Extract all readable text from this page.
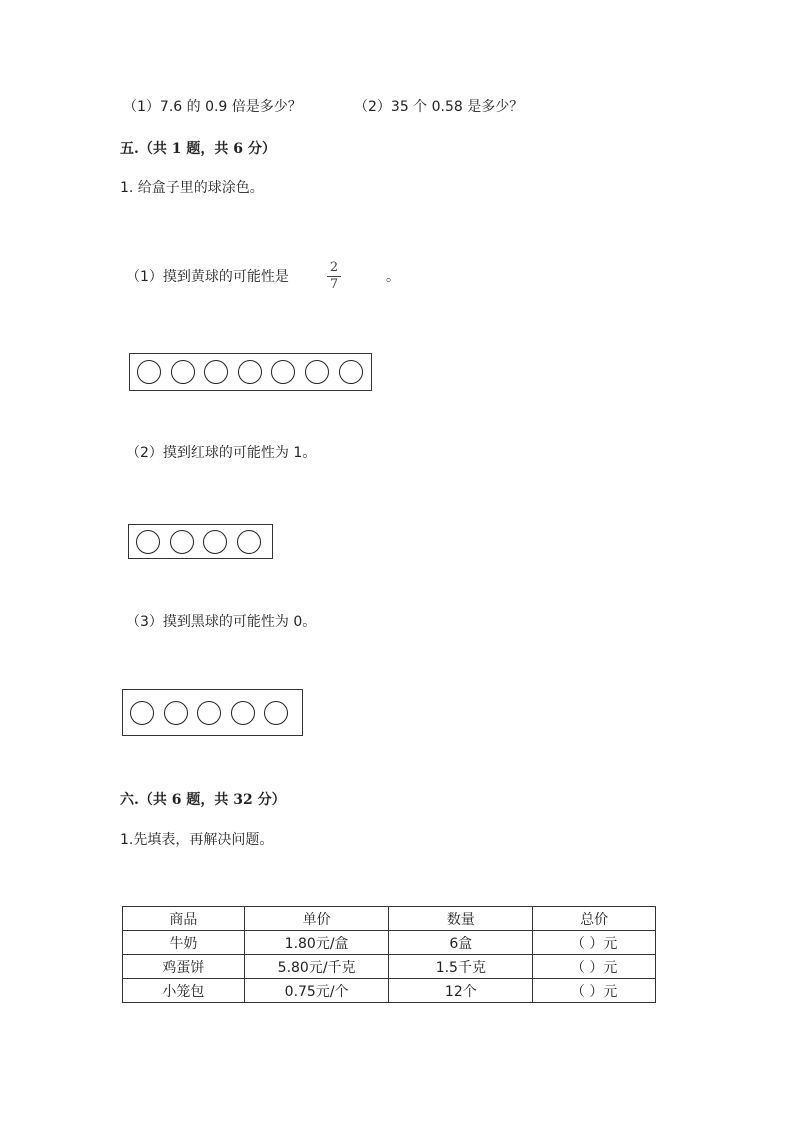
（1）7.6 的 0.9 倍是多少？	（2）35 个 0.58 是多少？
五.（共 1 题，共 6 分）
1. 给盒子里的球涂色。
（1）摸到黄球的可能性是
2
7	。
（2）摸到红球的可能性为 1。
（3）摸到黑球的可能性为 0。
六.（共 6 题，共 32 分）
1.先填表，再解决问题。
商品	单价	数量	总价
牛奶	1.80元/盒	6盒	（ ）元
鸡蛋饼	5.80元/千克	1.5千克	（ ）元
小笼包	0.75元/个	12个	（ ）元
